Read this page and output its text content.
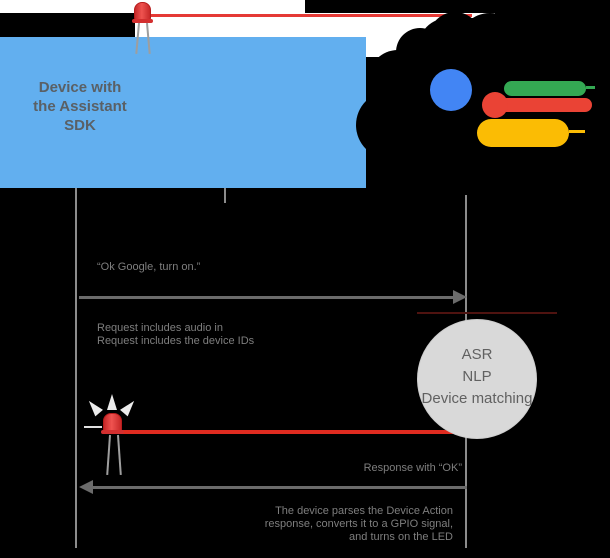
Device with
the Assistant
SDK
“Ok Google, turn on.”
Request includes audio in
Request includes the device IDs
ASR
NLP
Device matching
Response with “OK”
The device parses the Device Action
response, converts it to a GPIO signal,
and turns on the LED
